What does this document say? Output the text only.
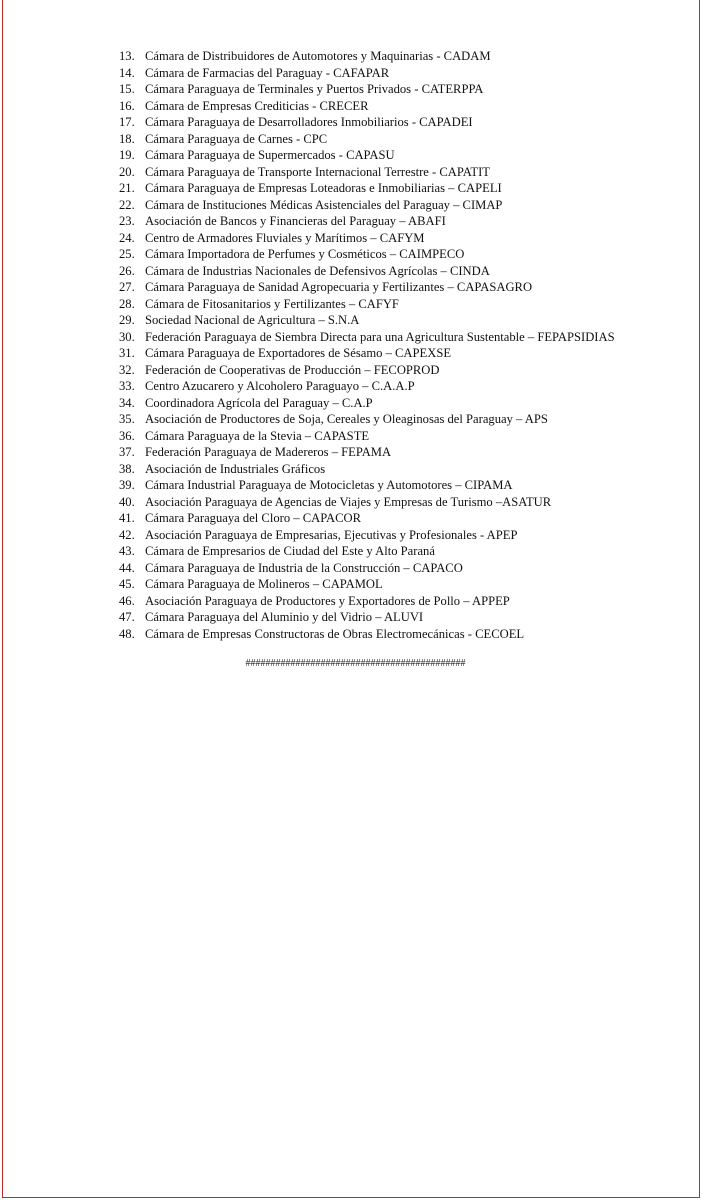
13. Cámara de Distribuidores de Automotores y Maquinarias - CADAM
14. Cámara de Farmacias del Paraguay - CAFAPAR
15. Cámara Paraguaya de Terminales y Puertos Privados - CATERPPA
16. Cámara de Empresas Crediticias - CRECER
17. Cámara Paraguaya de Desarrolladores Inmobiliarios - CAPADEI
18. Cámara Paraguaya de Carnes - CPC
19. Cámara Paraguaya de Supermercados - CAPASU
20. Cámara Paraguaya de Transporte Internacional Terrestre - CAPATIT
21. Cámara Paraguaya de Empresas Loteadoras e Inmobiliarias – CAPELI
22. Cámara de Instituciones Médicas Asistenciales del Paraguay – CIMAP
23. Asociación de Bancos y Financieras del Paraguay – ABAFI
24. Centro de Armadores Fluviales y Marítimos – CAFYM
25. Cámara Importadora de Perfumes y Cosméticos – CAIMPECO
26. Cámara de Industrias Nacionales de Defensivos Agrícolas – CINDA
27. Cámara Paraguaya de Sanidad Agropecuaria y Fertilizantes – CAPASAGRO
28. Cámara de Fitosanitarios y Fertilizantes – CAFYF
29. Sociedad Nacional de Agricultura – S.N.A
30. Federación Paraguaya de Siembra Directa para una Agricultura Sustentable – FEPAPSIDIAS
31. Cámara Paraguaya de Exportadores de Sésamo – CAPEXSE
32. Federación de Cooperativas de Producción – FECOPROD
33. Centro Azucarero y Alcoholero Paraguayo – C.A.A.P
34. Coordinadora Agrícola del Paraguay – C.A.P
35. Asociación de Productores de Soja, Cereales y Oleaginosas del Paraguay – APS
36. Cámara Paraguaya de la Stevia – CAPASTE
37. Federación Paraguaya de Madereros – FEPAMA
38. Asociación de Industriales Gráficos
39. Cámara Industrial Paraguaya de Motocicletas y Automotores – CIPAMA
40. Asociación Paraguaya de Agencias de Viajes y Empresas de Turismo –ASATUR
41. Cámara Paraguaya del Cloro – CAPACOR
42. Asociación Paraguaya de Empresarias, Ejecutivas y Profesionales - APEP
43. Cámara de Empresarios de Ciudad del Este y Alto Paraná
44. Cámara Paraguaya de Industria de la Construcción – CAPACO
45. Cámara Paraguaya de Molineros – CAPAMOL
46. Asociación Paraguaya de Productores y Exportadores de Pollo – APPEP
47. Cámara Paraguaya del Aluminio y del Vidrio – ALUVI
48. Cámara de Empresas Constructoras de Obras Electromecánicas - CECOEL
############################################
